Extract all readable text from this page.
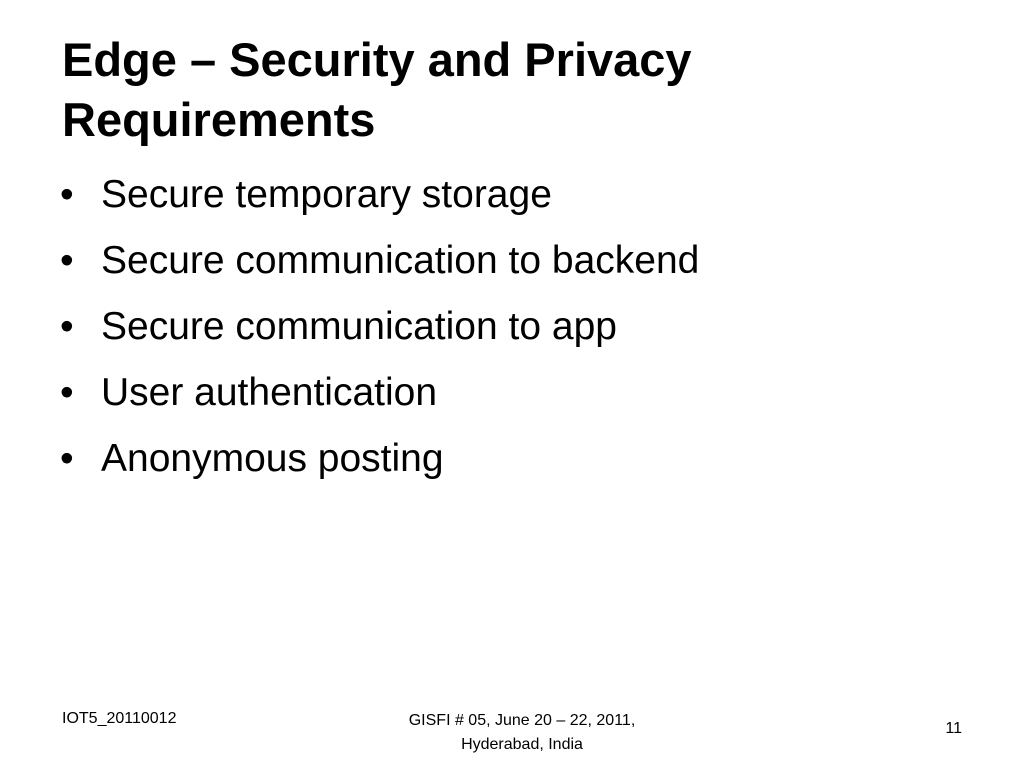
Edge – Security and Privacy
Requirements
• Secure temporary storage
• Secure communication to backend
• Secure communication to app
• User authentication
• Anonymous posting
IOT5_20110012	GISFI # 05, June 20 – 22, 2011,
Hyderabad, India
11
